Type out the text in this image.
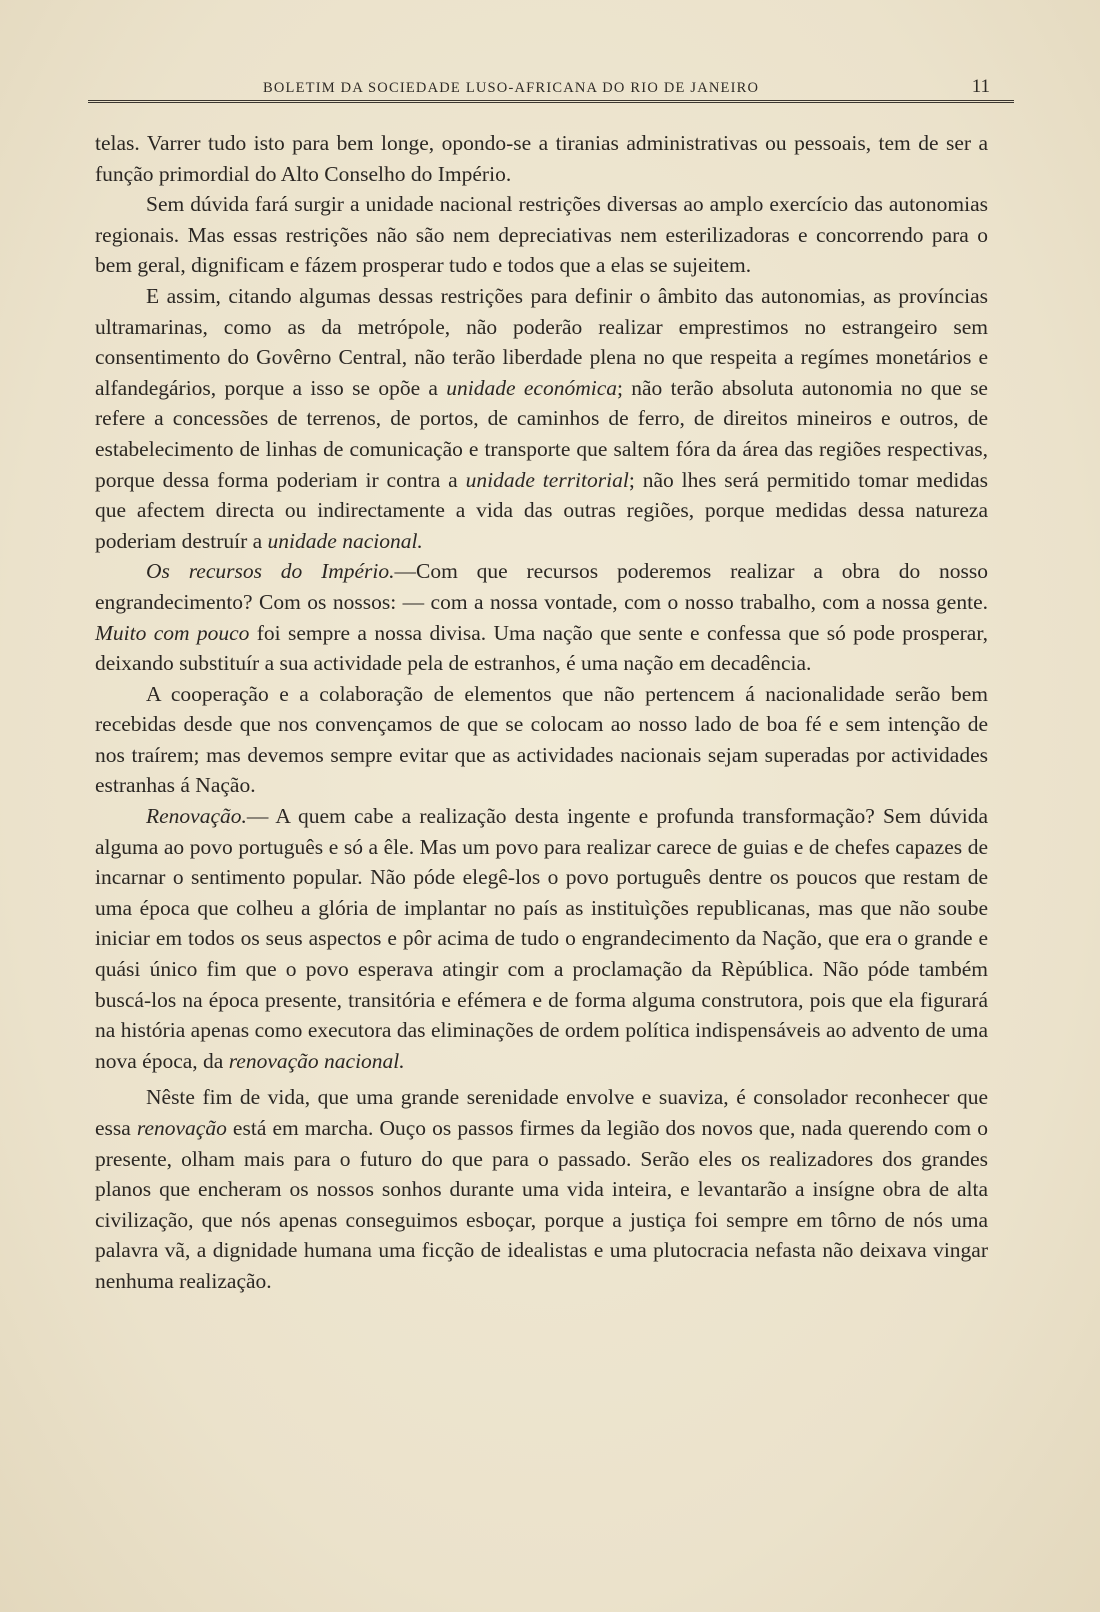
BOLETIM DA SOCIEDADE LUSO-AFRICANA DO RIO DE JANEIRO	11

telas. Varrer tudo isto para bem longe, opondo-se a tiranias administrativas ou pessoais, tem de ser a função primordial do Alto Conselho do Império.

Sem dúvida fará surgir a unidade nacional restrições diversas ao amplo exercício das autonomias regionais. Mas essas restrições não são nem depreciativas nem esterilizadoras e concorrendo para o bem geral, dignificam e fázem prosperar tudo e todos que a elas se sujeitem.

E assim, citando algumas dessas restrições para definir o âmbito das autonomias, as províncias ultramarinas, como as da metrópole, não poderão realizar emprestimos no estrangeiro sem consentimento do Govêrno Central, não terão liberdade plena no que respeita a regímes monetários e alfandegários, porque a isso se opõe a unidade económica; não terão absoluta autonomia no que se refere a concessões de terrenos, de portos, de caminhos de ferro, de direitos mineiros e outros, de estabelecimento de linhas de comunicação e transporte que saltem fóra da área das regiões respectivas, porque dessa forma poderiam ir contra a unidade territorial; não lhes será permitido tomar medidas que afectem directa ou indirectamente a vida das outras regiões, porque medidas dessa natureza poderiam destruír a unidade nacional.

Os recursos do Império.—Com que recursos poderemos realizar a obra do nosso engrandecimento? Com os nossos: — com a nossa vontade, com o nosso trabalho, com a nossa gente. Muito com pouco foi sempre a nossa divisa. Uma nação que sente e confessa que só pode prosperar, deixando substituír a sua actividade pela de estranhos, é uma nação em decadência.

A cooperação e a colaboração de elementos que não pertencem á nacionalidade serão bem recebidas desde que nos convençamos de que se colocam ao nosso lado de boa fé e sem intenção de nos traírem; mas devemos sempre evitar que as actividades nacionais sejam superadas por actividades estranhas á Nação.

Renovação.— A quem cabe a realização desta ingente e profunda transformação? Sem dúvida alguma ao povo português e só a êle. Mas um povo para realizar carece de guias e de chefes capazes de incarnar o sentimento popular. Não póde elegê-los o povo português dentre os poucos que restam de uma época que colheu a glória de implantar no país as instituìções republicanas, mas que não soube iniciar em todos os seus aspectos e pôr acima de tudo o engrandecimento da Nação, que era o grande e quási único fim que o povo esperava atingir com a proclamação da Rèpública. Não póde também buscá-los na época presente, transitória e efémera e de forma alguma construtora, pois que ela figurará na história apenas como executora das eliminações de ordem política indispensáveis ao advento de uma nova época, da renovação nacional.

Nêste fim de vida, que uma grande serenidade envolve e suaviza, é consolador reconhecer que essa renovação está em marcha. Ouço os passos firmes da legião dos novos que, nada querendo com o presente, olham mais para o futuro do que para o passado. Serão eles os realizadores dos grandes planos que encheram os nossos sonhos durante uma vida inteira, e levantarão a insígne obra de alta civilização, que nós apenas conseguimos esboçar, porque a justiça foi sempre em tôrno de nós uma palavra vã, a dignidade humana uma ficção de idealistas e uma plutocracia nefasta não deixava vingar nenhuma realização.
